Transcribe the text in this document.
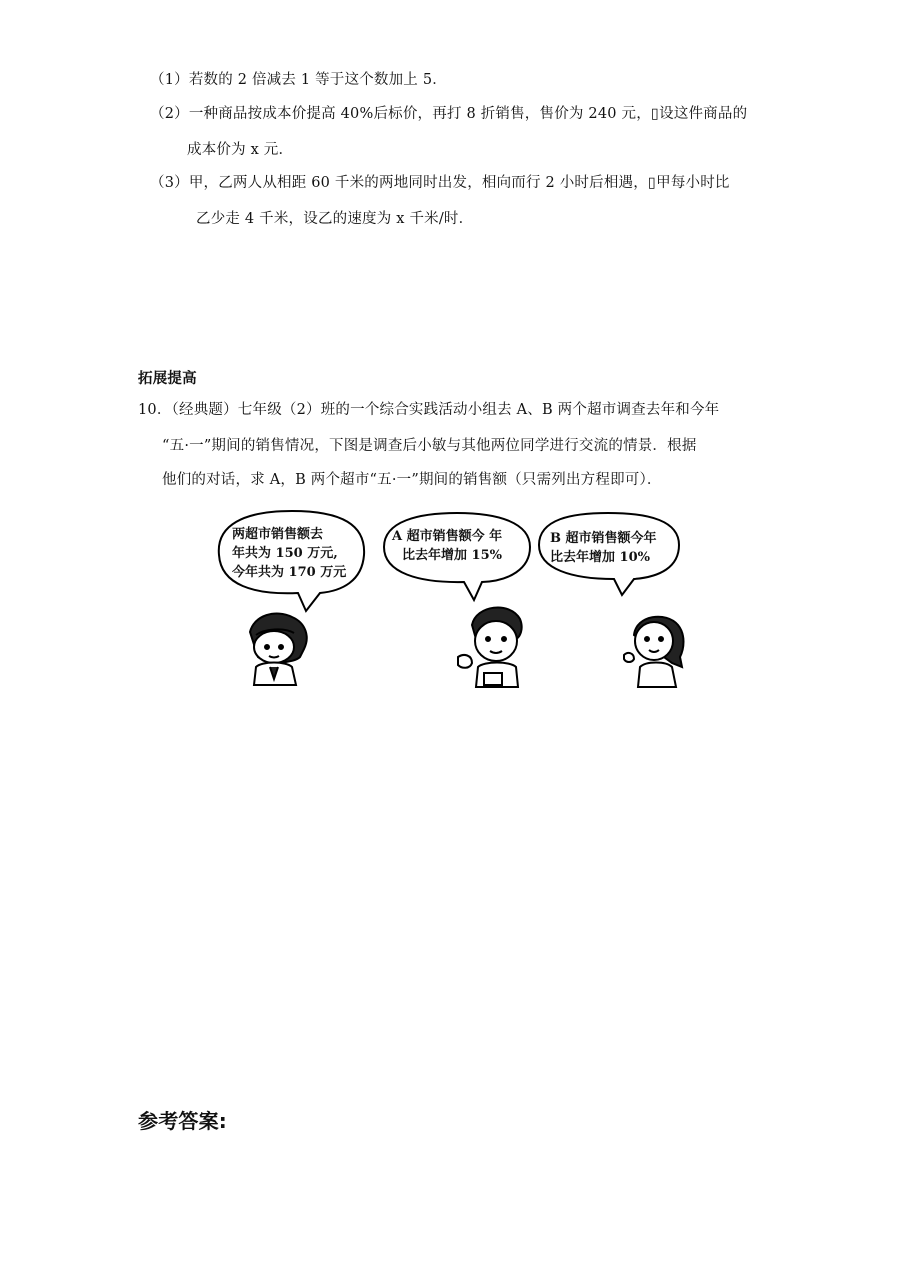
（1）若数的 2 倍减去 1 等于这个数加上 5．
（2）一种商品按成本价提高 40%后标价，再打 8 折销售，售价为 240 元，▯设这件商品的
成本价为 x 元．
（3）甲，乙两人从相距 60 千米的两地同时出发，相向而行 2 小时后相遇，▯甲每小时比
乙少走 4 千米，设乙的速度为 x 千米/时．
拓展提高
10．（经典题）七年级（2）班的一个综合实践活动小组去 A、B 两个超市调查去年和今年
“五·一”期间的销售情况，下图是调查后小敏与其他两位同学进行交流的情景．根据
他们的对话，求 A，B 两个超市“五·一”期间的销售额（只需列出方程即可）．
两超市销售额去
年共为 150 万元,
今年共为 170 万元
A 超市销售额今 年
比去年增加 15%
B 超市销售额今年
比去年增加 10%
参考答案:
